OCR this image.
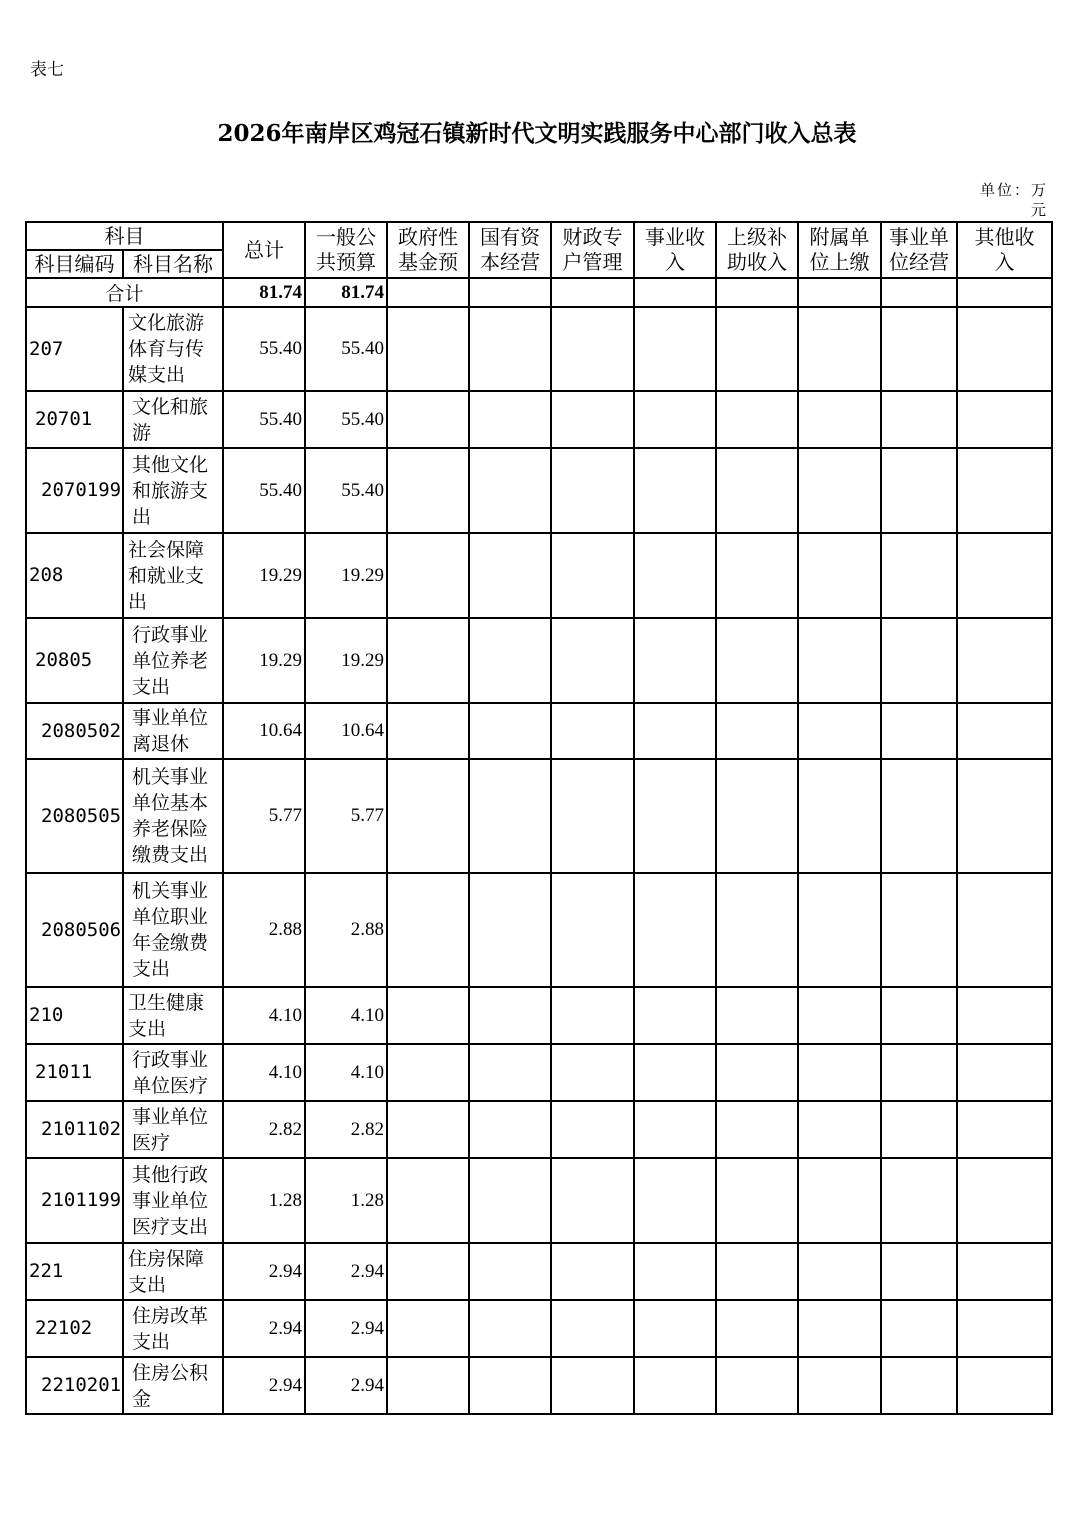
表七
2026年南岸区鸡冠石镇新时代文明实践服务中心部门收入总表
单位：万元
科目		总计	一般公共预算	政府性基金预	国有资本经营	财政专户管理	事业收入	上级补助收入	附属单位上缴	事业单位经营	其他收入

科目编码	科目名称										
合计		81.74	81.74								
207	文化旅游体育与传媒支出	55.40	55.40								
20701	文化和旅游	55.40	55.40								
2070199	其他文化和旅游支出	55.40	55.40								
208	社会保障和就业支出	19.29	19.29								
20805	行政事业单位养老支出	19.29	19.29								
2080502	事业单位离退休	10.64	10.64								
2080505	机关事业单位基本养老保险缴费支出	5.77	5.77								
2080506	机关事业单位职业年金缴费支出	2.88	2.88								
210	卫生健康支出	4.10	4.10								
21011	行政事业单位医疗	4.10	4.10								
2101102	事业单位医疗	2.82	2.82								
2101199	其他行政事业单位医疗支出	1.28	1.28								
221	住房保障支出	2.94	2.94								
22102	住房改革支出	2.94	2.94								
2210201	住房公积金	2.94	2.94								
